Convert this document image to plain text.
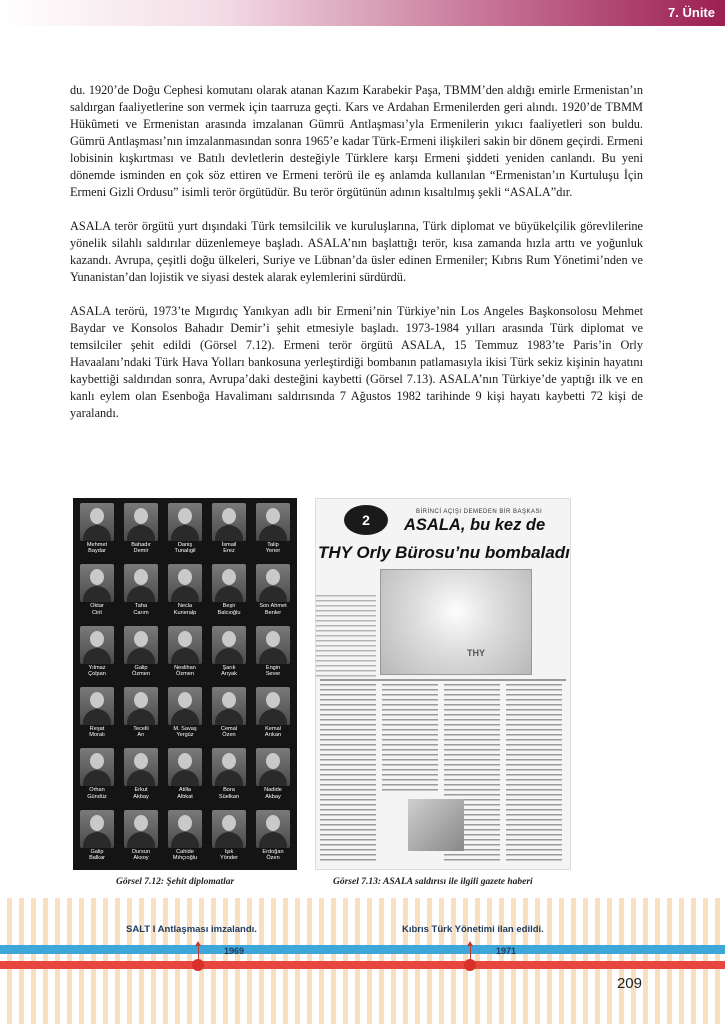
7. Ünite

du. 1920’de Doğu Cephesi komutanı olarak atanan Kazım Karabekir Paşa, TBMM’den aldığı emirle Ermenistan’ın saldırgan faaliyetlerine son vermek için taarruza geçti. Kars ve Ardahan Ermenilerden geri alındı. 1920’de TBMM Hükûmeti ve Ermenistan arasında imzalanan Gümrü Antlaşması’yla Ermenilerin yıkıcı faaliyetleri son buldu. Gümrü Antlaşması’nın imzalanmasından sonra 1965’e kadar Türk-Ermeni ilişkileri sakin bir dönem geçirdi. Ermeni lobisinin kışkırtması ve Batılı devletlerin desteğiyle Türklere karşı Ermeni şiddeti yeniden canlandı. Bu yeni dönemde isminden en çok söz ettiren ve Ermeni terörü ile eş anlamda kullanılan “Ermenistan’ın Kurtuluşu İçin Ermeni Gizli Ordusu” isimli terör örgütüdür. Bu terör örgütünün adının kısaltılmış şekli “ASALA”dır.

ASALA terör örgütü yurt dışındaki Türk temsilcilik ve kuruluşlarına, Türk diplomat ve büyükelçilik görevlilerine yönelik silahlı saldırılar düzenlemeye başladı. ASALA’nın başlattığı terör, kısa zamanda hızla arttı ve yoğunluk kazandı. Avrupa, çeşitli doğu ülkeleri, Suriye ve Lübnan’da üsler edinen Ermeniler; Kıbrıs Rum Yönetimi’nden ve Yunanistan’dan lojistik ve siyasi destek alarak eylemlerini sürdürdü.

ASALA terörü, 1973’te Mıgırdıç Yanıkyan adlı bir Ermeni’nin Türkiye’nin Los Angeles Başkonsolosu Mehmet Baydar ve Konsolos Bahadır Demir’i şehit etmesiyle başladı. 1973-1984 yılları arasında Türk diplomat ve temsilciler şehit edildi (Görsel 7.12). Ermeni terör örgütü ASALA, 15 Temmuz 1983’te Paris’in Orly Havaalanı’ndaki Türk Hava Yolları bankosuna yerleştirdiği bombanın patlamasıyla ikisi Türk sekiz kişinin hayatını kaybettiği saldırıdan sonra, Avrupa’daki desteğini kaybetti (Görsel 7.13). ASALA’nın Türkiye’de yaptığı ilk ve en kanlı eylem olan Esenboğa Havalimanı saldırısında 7 Ağustos 1982 tarihinde 9 kişi hayatı kaybetti 72 kişi de yaralandı.

Mehmet
Baydar
Bahadır
Demir
Daniş
Tunalıgil
İsmail
Erez
Talip
Yener
Oktar
Cirit
Taha
Carım
Necla
Kuneralp
Beşir
Balcıoğlu
Son Ahmet
Benler
Yılmaz
Çolpan
Galip
Özmen
Neslihan
Özmen
Şarık
Arıyak
Engin
Sever
Reşat
Moralı
Tecelli
Arı
M. Savaş
Yergüz
Cemal
Özen
Kemal
Arıkan
Orhan
Gündüz
Erkut
Akbay
Atilla
Altıkat
Bora
Süelkan
Nadide
Akbay
Galip
Balkar
Dursun
Aksoy
Cahide
Mıhçıoğlu
Işık
Yönder
Erdoğan
Özen
2	BİRİNCİ AÇIŞI DEMEDEN BİR BAŞKASI
ASALA, bu kez de
THY Orly Bürosu’nu bombaladı
THY
Görsel 7.12: Şehit diplomatlar	Görsel 7.13: ASALA saldırısı ile ilgili gazete haberi
SALT I Antlaşması imzalandı.
1969
Kıbrıs Türk Yönetimi ilan edildi.
1971
209
